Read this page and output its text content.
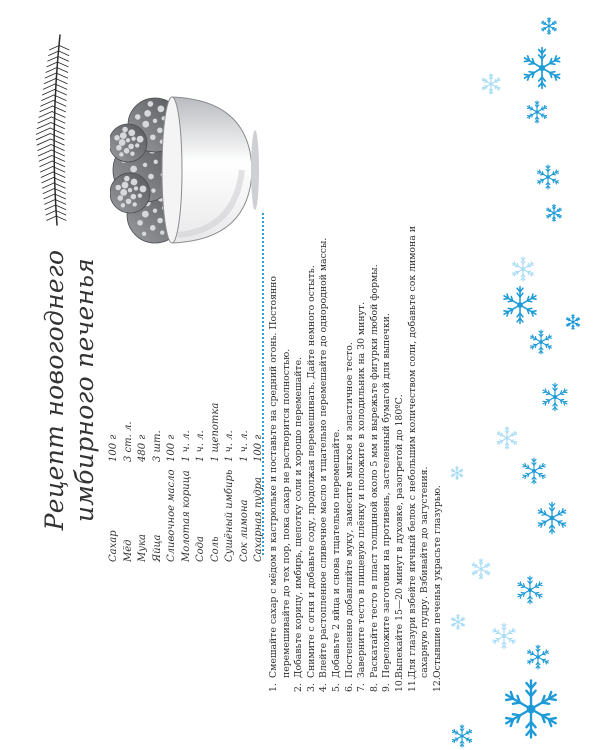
Рецепт новогоднего имбирного печенья
Сахар
100 г
Мёд
3 ст. л.
Мука
480 г
Яйца
3 шт.
Сливочное масло
100 г
Молотая корица
1 ч. л.
Сода
1 ч. л.
Соль
1 щепотка
Сушёный имбирь
1 ч. л.
Сок лимона
1 ч. л.
Сахарная пудра
100 г
1.
Смешайте сахар с мёдом в кастрюльке и поставьте на средний огонь. Постоянно перемешивайте до тех пор, пока сахар не растворится полностью.
2.
Добавьте корицу, имбирь, щепотку соли и хорошо перемешайте.
3.
Снимите с огня и добавьте соду, продолжая перемешивать. Дайте немного остыть.
4.
Влейте растопленное сливочное масло и тщательно перемешайте до однородной массы.
5.
Добавьте 2 яйца и снова тщательно перемешайте.
6.
Постепенно добавляйте муку, замесите мягкое и эластичное тесто.
7.
Заверните тесто в пищевую плёнку и положите в холодильник на 30 минут.
8.
Раскатайте тесто в пласт толщиной около 5 мм и вырежьте фигурки любой формы.
9.
Переложите заготовки на противень, застеленный бумагой для выпечки.
10.
Выпекайте 15—20 минут в духовке, разогретой до 180ºС.
11.
Для глазури взбейте яичный белок с небольшим количеством соли, добавьте сок лимона и сахарную пудру. Взбивайте до загустения.
12.
Остывшие печенья украсьте глазурью.
